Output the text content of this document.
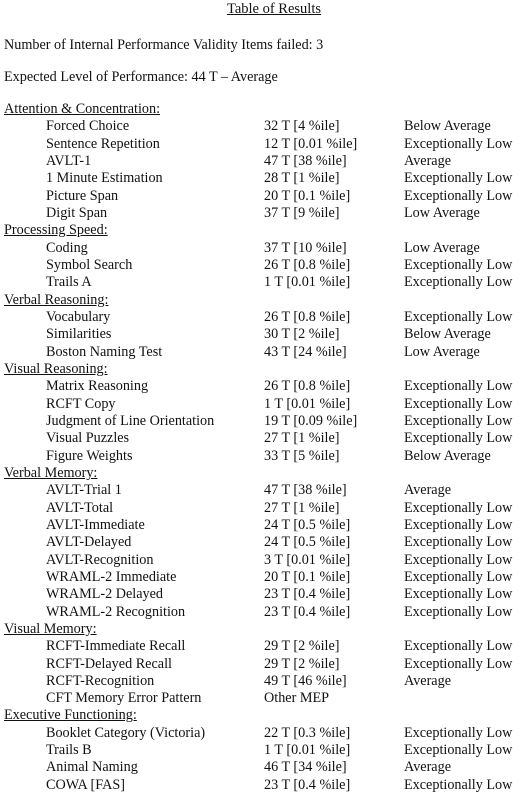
Table of Results
Number of Internal Performance Validity Items failed: 3
Expected Level of Performance: 44 T – Average
Attention & Concentration:
Forced Choice	32 T [4 %ile]	Below Average
Sentence Repetition	12 T [0.01 %ile]	Exceptionally Low
AVLT-1	47 T [38 %ile]	Average
1 Minute Estimation	28 T [1 %ile]	Exceptionally Low
Picture Span	20 T [0.1 %ile]	Exceptionally Low
Digit Span	37 T [9 %ile]	Low Average
Processing Speed:
Coding	37 T [10 %ile]	Low Average
Symbol Search	26 T [0.8 %ile]	Exceptionally Low
Trails A	1 T [0.01 %ile]	Exceptionally Low
Verbal Reasoning:
Vocabulary	26 T [0.8 %ile]	Exceptionally Low
Similarities	30 T [2 %ile]	Below Average
Boston Naming Test	43 T [24 %ile]	Low Average
Visual Reasoning:
Matrix Reasoning	26 T [0.8 %ile]	Exceptionally Low
RCFT Copy	1 T [0.01 %ile]	Exceptionally Low
Judgment of Line Orientation	19 T [0.09 %ile]	Exceptionally Low
Visual Puzzles	27 T [1 %ile]	Exceptionally Low
Figure Weights	33 T [5 %ile]	Below Average
Verbal Memory:
AVLT-Trial 1	47 T [38 %ile]	Average
AVLT-Total	27 T [1 %ile]	Exceptionally Low
AVLT-Immediate	24 T [0.5 %ile]	Exceptionally Low
AVLT-Delayed	24 T [0.5 %ile]	Exceptionally Low
AVLT-Recognition	3 T [0.01 %ile]	Exceptionally Low
WRAML-2 Immediate	20 T [0.1 %ile]	Exceptionally Low
WRAML-2 Delayed	23 T [0.4 %ile]	Exceptionally Low
WRAML-2 Recognition	23 T [0.4 %ile]	Exceptionally Low
Visual Memory:
RCFT-Immediate Recall	29 T [2 %ile]	Exceptionally Low
RCFT-Delayed Recall	29 T [2 %ile]	Exceptionally Low
RCFT-Recognition	49 T [46 %ile]	Average
CFT Memory Error Pattern	Other MEP
Executive Functioning:
Booklet Category (Victoria)	22 T [0.3 %ile]	Exceptionally Low
Trails B	1 T [0.01 %ile]	Exceptionally Low
Animal Naming	46 T [34 %ile]	Average
COWA [FAS]	23 T [0.4 %ile]	Exceptionally Low
